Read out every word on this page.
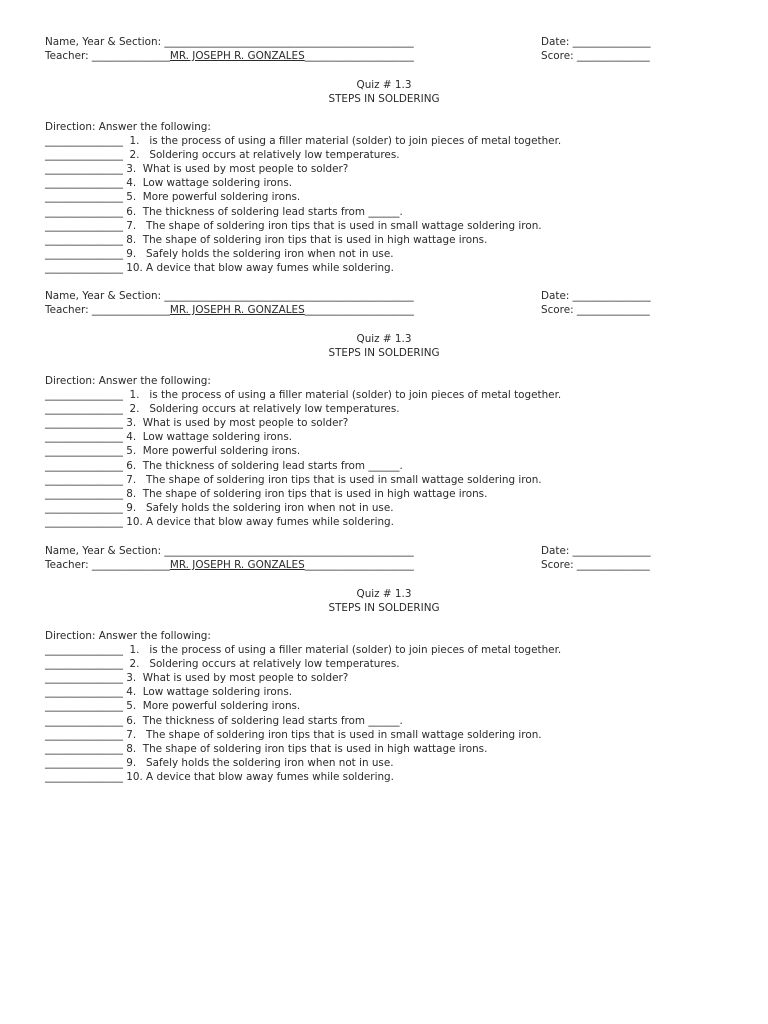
Name, Year & Section: ________________________________________________	Date: _______________
Teacher: _______________MR. JOSEPH R. GONZALES_____________________	Score: ______________
Quiz # 1.3
STEPS IN SOLDERING
Direction: Answer the following:
_______________  1.   is the process of using a filler material (solder) to join pieces of metal together.
_______________  2.   Soldering occurs at relatively low temperatures.
_______________ 3.  What is used by most people to solder?
_______________ 4.  Low wattage soldering irons.
_______________ 5.  More powerful soldering irons.
_______________ 6.  The thickness of soldering lead starts from ______.
_______________ 7.   The shape of soldering iron tips that is used in small wattage soldering iron.
_______________ 8.  The shape of soldering iron tips that is used in high wattage irons.
_______________ 9.   Safely holds the soldering iron when not in use.
_______________ 10. A device that blow away fumes while soldering.
Name, Year & Section: ________________________________________________	Date: _______________
Teacher: _______________MR. JOSEPH R. GONZALES_____________________	Score: ______________
Quiz # 1.3
STEPS IN SOLDERING
Direction: Answer the following:
_______________  1.   is the process of using a filler material (solder) to join pieces of metal together.
_______________  2.   Soldering occurs at relatively low temperatures.
_______________ 3.  What is used by most people to solder?
_______________ 4.  Low wattage soldering irons.
_______________ 5.  More powerful soldering irons.
_______________ 6.  The thickness of soldering lead starts from ______.
_______________ 7.   The shape of soldering iron tips that is used in small wattage soldering iron.
_______________ 8.  The shape of soldering iron tips that is used in high wattage irons.
_______________ 9.   Safely holds the soldering iron when not in use.
_______________ 10. A device that blow away fumes while soldering.
Name, Year & Section: ________________________________________________	Date: _______________
Teacher: _______________MR. JOSEPH R. GONZALES_____________________	Score: ______________
Quiz # 1.3
STEPS IN SOLDERING
Direction: Answer the following:
_______________  1.   is the process of using a filler material (solder) to join pieces of metal together.
_______________  2.   Soldering occurs at relatively low temperatures.
_______________ 3.  What is used by most people to solder?
_______________ 4.  Low wattage soldering irons.
_______________ 5.  More powerful soldering irons.
_______________ 6.  The thickness of soldering lead starts from ______.
_______________ 7.   The shape of soldering iron tips that is used in small wattage soldering iron.
_______________ 8.  The shape of soldering iron tips that is used in high wattage irons.
_______________ 9.   Safely holds the soldering iron when not in use.
_______________ 10. A device that blow away fumes while soldering.
